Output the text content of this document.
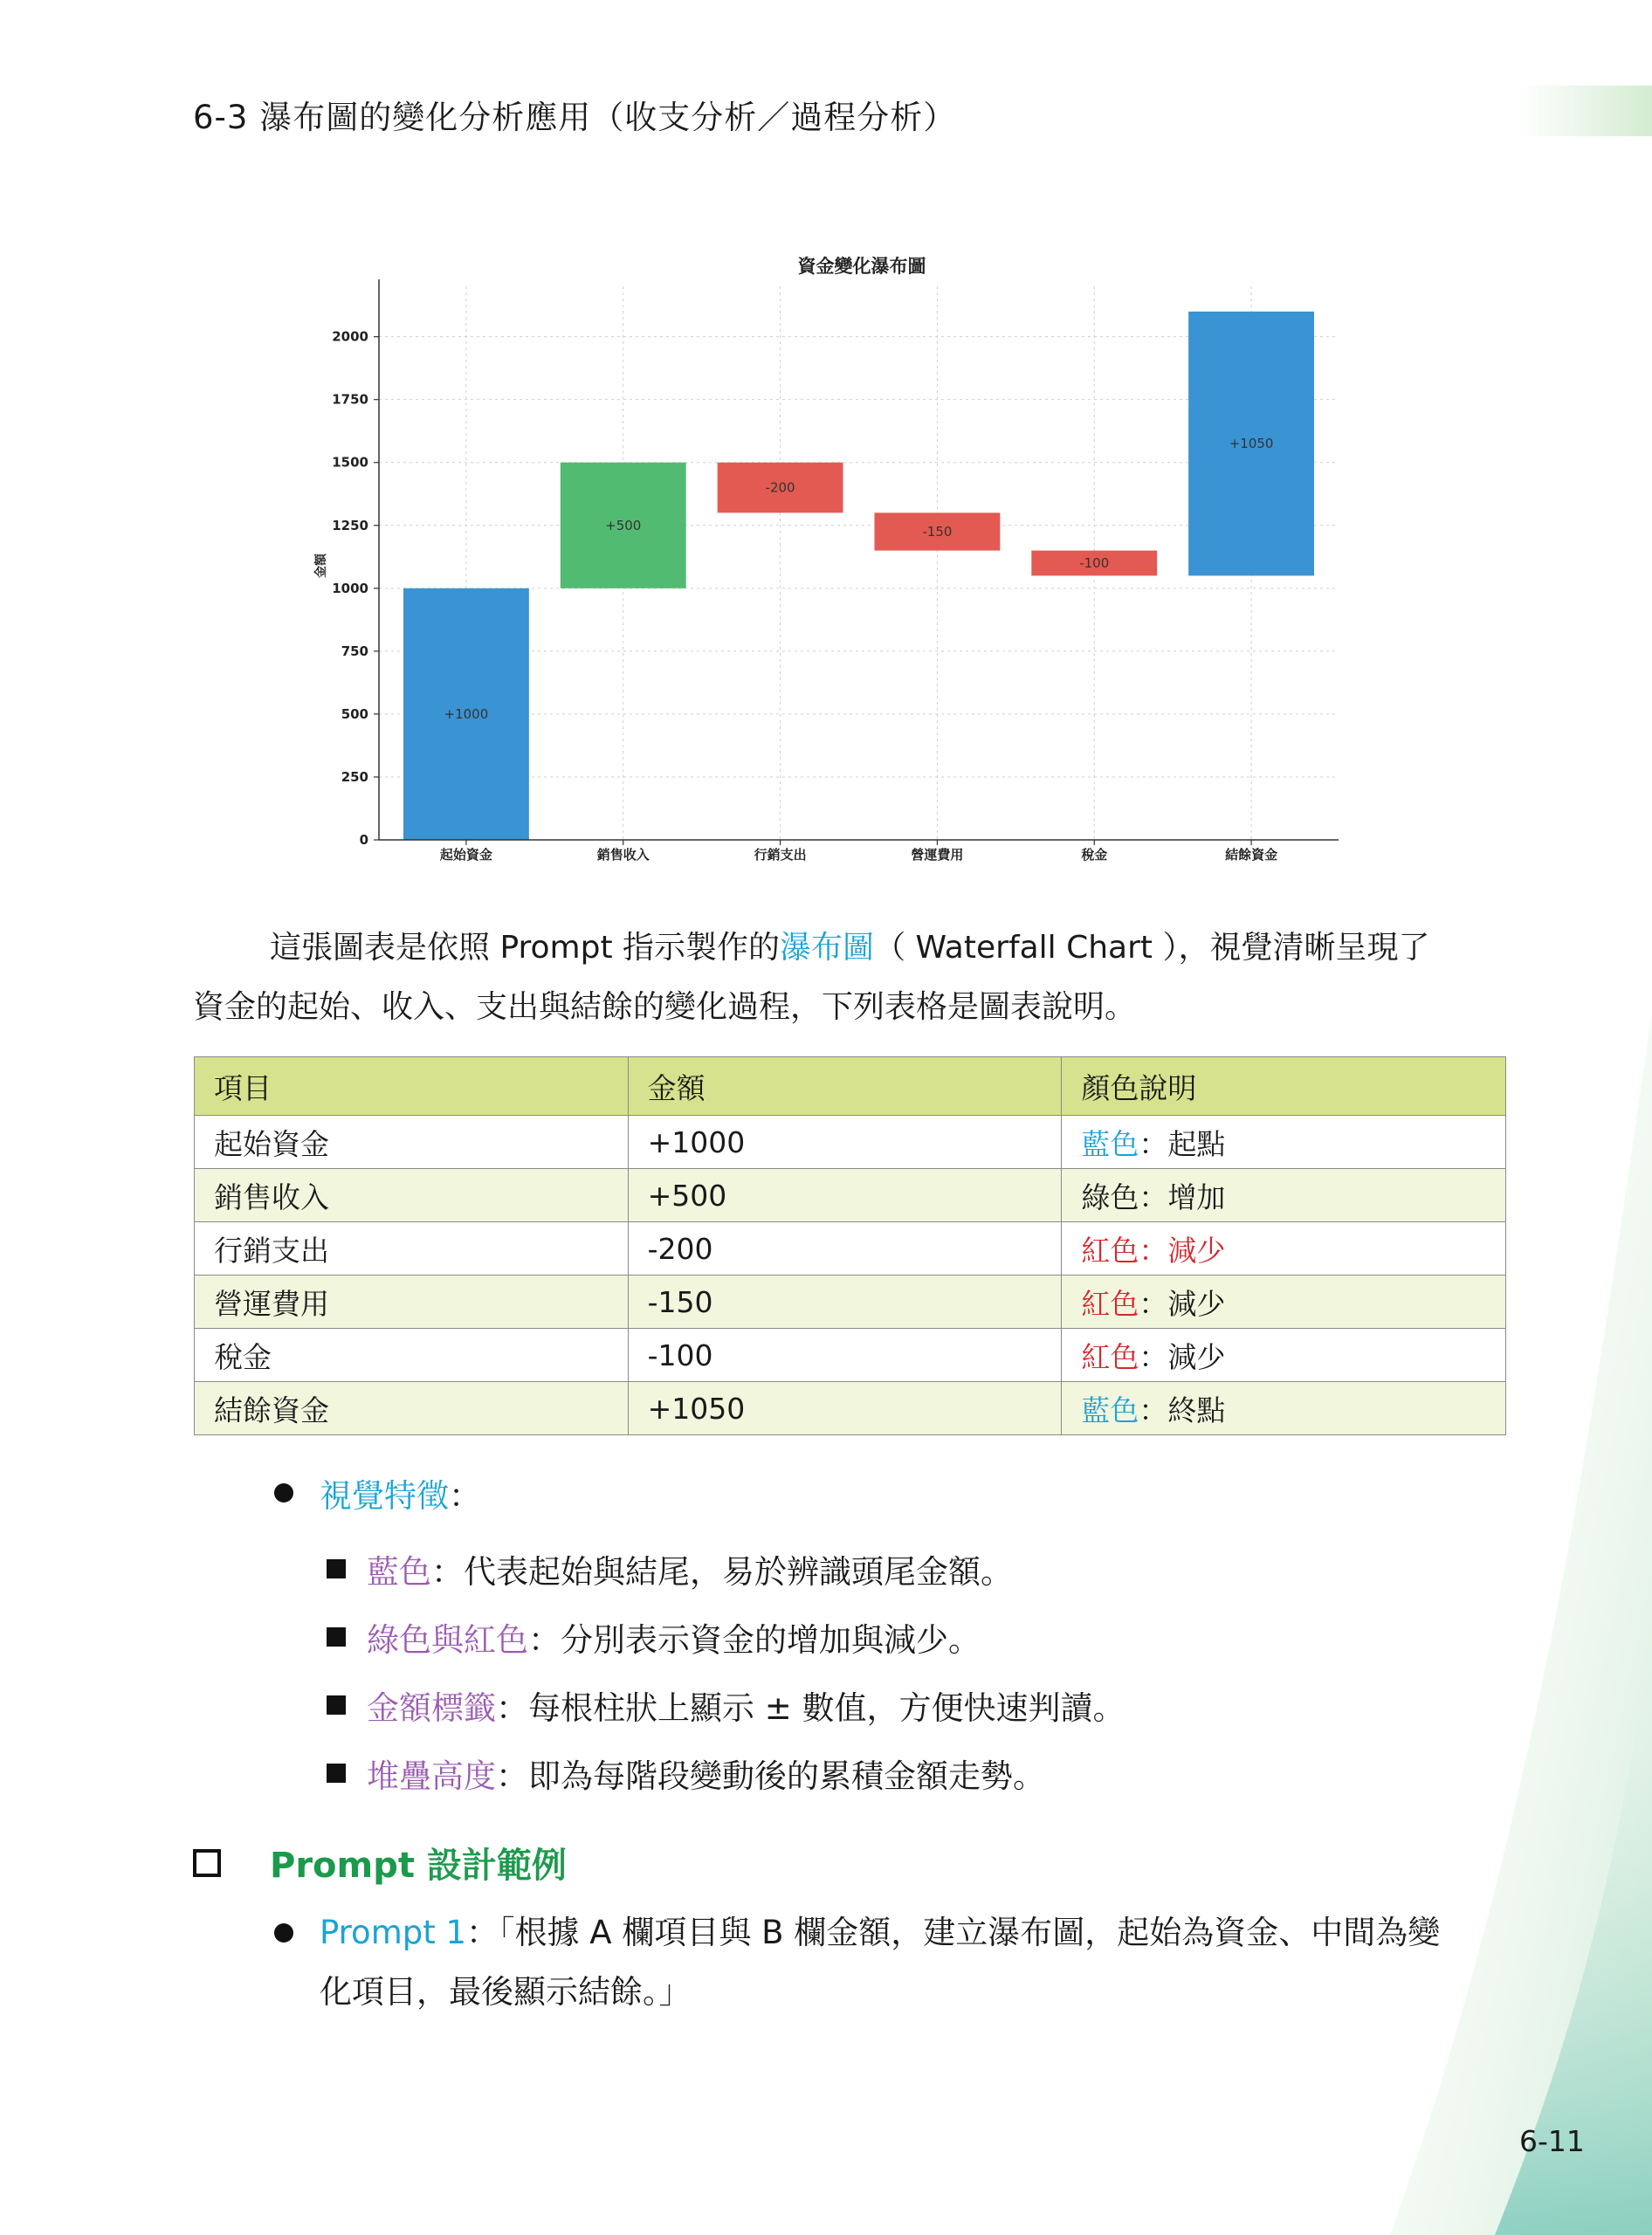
6-3 瀑布圖的變化分析應用（收支分析／過程分析）
+1000
+500
-200
-150
-100
+1050
0
250
500
750
1000
1250
1500
1750
2000
起始資金	銷售收入	行銷支出	營運費用	稅金	結餘資金
資金變化瀑布圖
金額
這張圖表是依照 Prompt 指示製作的瀑布圖（ Waterfall Chart ），視覺清晰呈現了
資金的起始、收入、支出與結餘的變化過程，下列表格是圖表說明。
項目	金額	顏色說明
起始資金	+1000	藍色：起點
銷售收入	+500	綠色：增加
行銷支出	-200	紅色：減少
營運費用	-150	紅色：減少
稅金	-100	紅色：減少
結餘資金	+1050	藍色：終點
視覺特徵 ：
藍色 ：代表起始與結尾，易於辨識頭尾金額。
綠色與紅色 ：分別表示資金的增加與減少。
金額標籤 ：每根柱狀上顯示 ± 數值，方便快速判讀。
堆疊高度 ：即為每階段變動後的累積金額走勢。
Prompt 設計範例
Prompt 1 ：「根據 A 欄項目與 B 欄金額，建立瀑布圖，起始為資金、中間為變
化項目，最後顯示結餘。」
6-11
